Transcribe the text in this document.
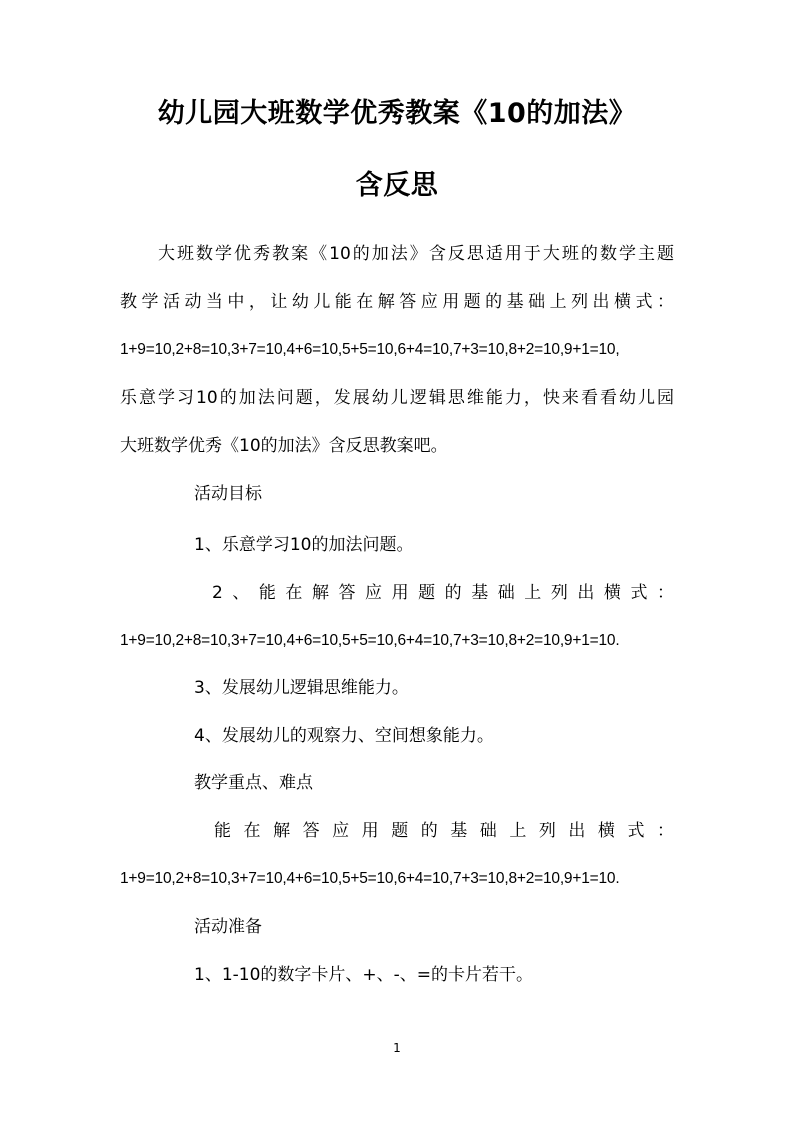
幼儿园大班数学优秀教案《10的加法》
含反思
大班数学优秀教案《10的加法》含反思适用于大班的数学主题
教学活动当中，让幼儿能在解答应用题的基础上列出横式：
1+9=10,2+8=10,3+7=10,4+6=10,5+5=10,6+4=10,7+3=10,8+2=10,9+1=10,
乐意学习10的加法问题，发展幼儿逻辑思维能力，快来看看幼儿园
大班数学优秀《10的加法》含反思教案吧。
活动目标
1、乐意学习10的加法问题。
2、能在解答应用题的基础上列出横式：
1+9=10,2+8=10,3+7=10,4+6=10,5+5=10,6+4=10,7+3=10,8+2=10,9+1=10.
3、发展幼儿逻辑思维能力。
4、发展幼儿的观察力、空间想象能力。
教学重点、难点
能在解答应用题的基础上列出横式：
1+9=10,2+8=10,3+7=10,4+6=10,5+5=10,6+4=10,7+3=10,8+2=10,9+1=10.
活动准备
1、1-10的数字卡片、+、-、=的卡片若干。
1
